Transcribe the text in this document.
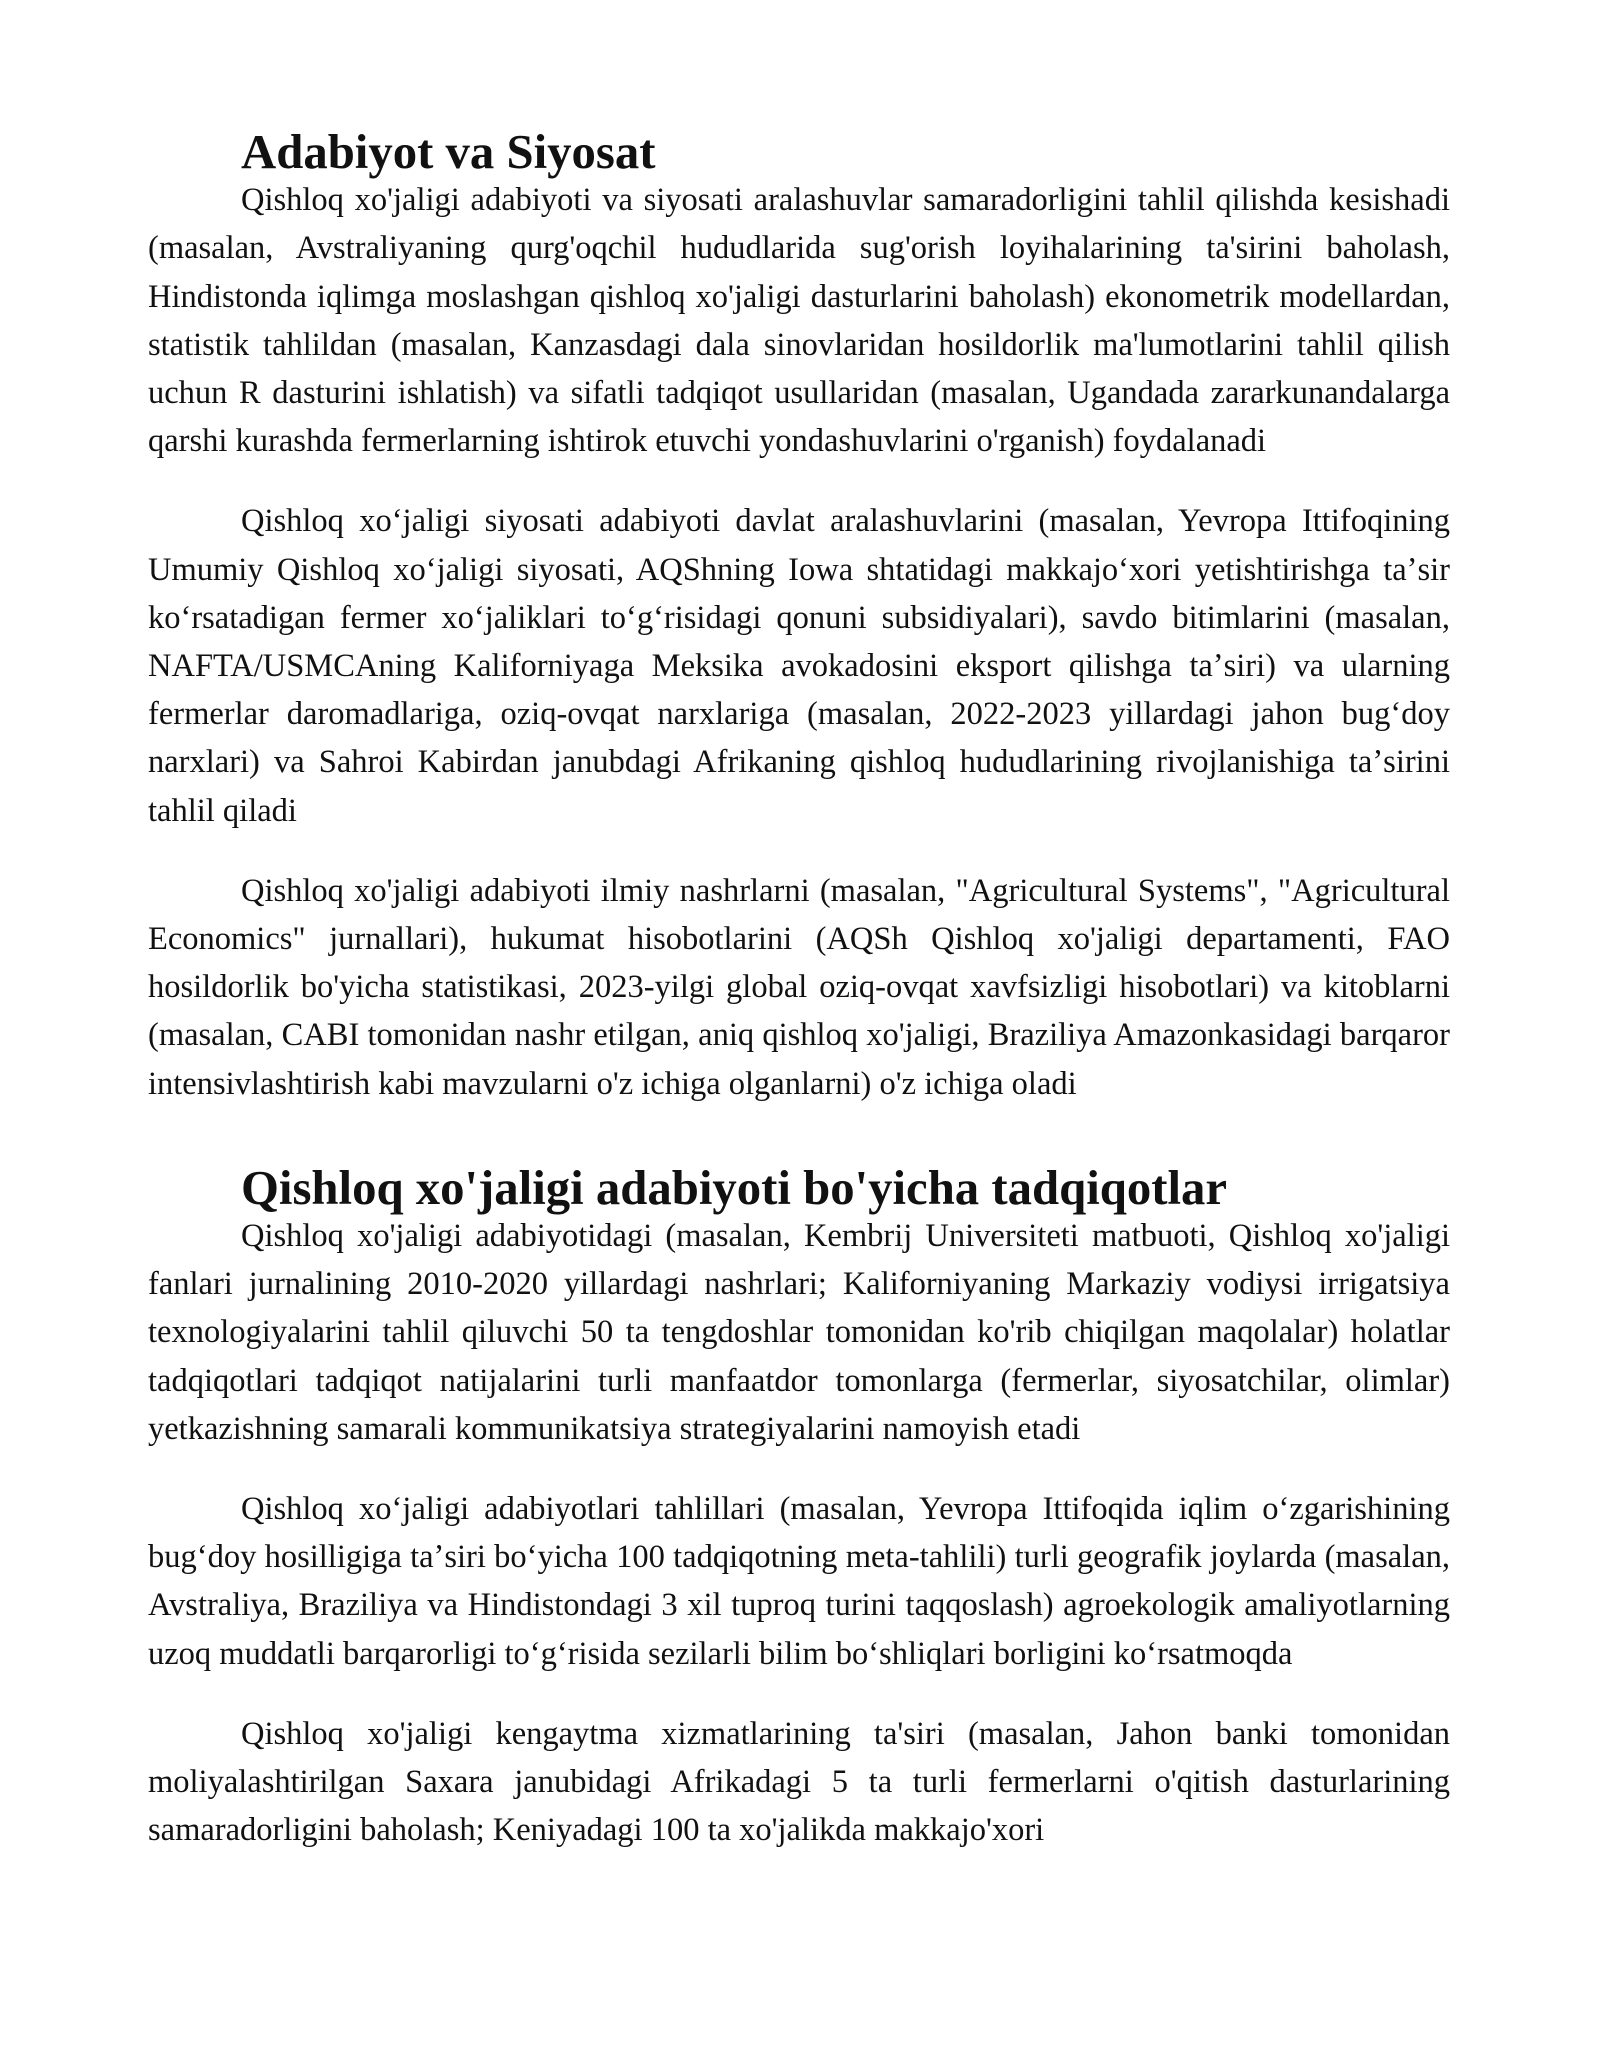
Adabiyot va Siyosat

Qishloq xo'jaligi adabiyoti va siyosati aralashuvlar samaradorligini tahlil qilishda kesishadi (masalan, Avstraliyaning qurg'oqchil hududlarida sug'orish loyihalarining ta'sirini baholash, Hindistonda iqlimga moslashgan qishloq xo'jaligi dasturlarini baholash) ekonometrik modellardan, statistik tahlildan (masalan, Kanzasdagi dala sinovlaridan hosildorlik ma'lumotlarini tahlil qilish uchun R dasturini ishlatish) va sifatli tadqiqot usullaridan (masalan, Ugandada zararkunandalarga qarshi kurashda fermerlarning ishtirok etuvchi yondashuvlarini o'rganish) foydalanadi

Qishloq xoʻjaligi siyosati adabiyoti davlat aralashuvlarini (masalan, Yevropa Ittifoqining Umumiy Qishloq xoʻjaligi siyosati, AQShning Iowa shtatidagi makkajoʻxori yetishtirishga taʼsir koʻrsatadigan fermer xoʻjaliklari toʻgʻrisidagi qonuni subsidiyalari), savdo bitimlarini (masalan, NAFTA/USMCAning Kaliforniyaga Meksika avokadosini eksport qilishga taʼsiri) va ularning fermerlar daromadlariga, oziq-ovqat narxlariga (masalan, 2022-2023 yillardagi jahon bugʻdoy narxlari) va Sahroi Kabirdan janubdagi Afrikaning qishloq hududlarining rivojlanishiga taʼsirini tahlil qiladi

Qishloq xo'jaligi adabiyoti ilmiy nashrlarni (masalan, "Agricultural Systems", "Agricultural Economics" jurnallari), hukumat hisobotlarini (AQSh Qishloq xo'jaligi departamenti, FAO hosildorlik bo'yicha statistikasi, 2023-yilgi global oziq-ovqat xavfsizligi hisobotlari) va kitoblarni (masalan, CABI tomonidan nashr etilgan, aniq qishloq xo'jaligi, Braziliya Amazonkasidagi barqaror intensivlashtirish kabi mavzularni o'z ichiga olganlarni) o'z ichiga oladi

Qishloq xo'jaligi adabiyoti bo'yicha tadqiqotlar

Qishloq xo'jaligi adabiyotidagi (masalan, Kembrij Universiteti matbuoti, Qishloq xo'jaligi fanlari jurnalining 2010-2020 yillardagi nashrlari; Kaliforniyaning Markaziy vodiysi irrigatsiya texnologiyalarini tahlil qiluvchi 50 ta tengdoshlar tomonidan ko'rib chiqilgan maqolalar) holatlar tadqiqotlari tadqiqot natijalarini turli manfaatdor tomonlarga (fermerlar, siyosatchilar, olimlar) yetkazishning samarali kommunikatsiya strategiyalarini namoyish etadi

Qishloq xoʻjaligi adabiyotlari tahlillari (masalan, Yevropa Ittifoqida iqlim oʻzgarishining bugʻdoy hosilligiga taʼsiri boʻyicha 100 tadqiqotning meta-tahlili) turli geografik joylarda (masalan, Avstraliya, Braziliya va Hindistondagi 3 xil tuproq turini taqqoslash) agroekologik amaliyotlarning uzoq muddatli barqarorligi toʻgʻrisida sezilarli bilim boʻshliqlari borligini koʻrsatmoqda

Qishloq xo'jaligi kengaytma xizmatlarining ta'siri (masalan, Jahon banki tomonidan moliyalashtirilgan Saxara janubidagi Afrikadagi 5 ta turli fermerlarni o'qitish dasturlarining samaradorligini baholash; Keniyadagi 100 ta xo'jalikda makkajo'xori
